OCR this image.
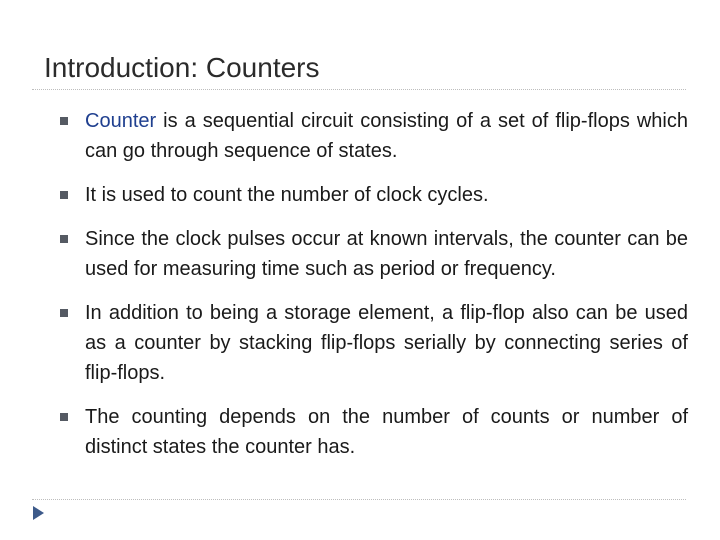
Introduction: Counters
Counter is a sequential circuit consisting of a set of flip-flops which can go through sequence of states.
It is used to count the number of clock cycles.
Since the clock pulses occur at known intervals, the counter can be used for measuring time such as period or frequency.
In addition to being a storage element, a flip-flop also can be used as a counter by stacking flip-flops serially by connecting series of flip-flops.
The counting depends on the number of counts or number of distinct states the counter has.
